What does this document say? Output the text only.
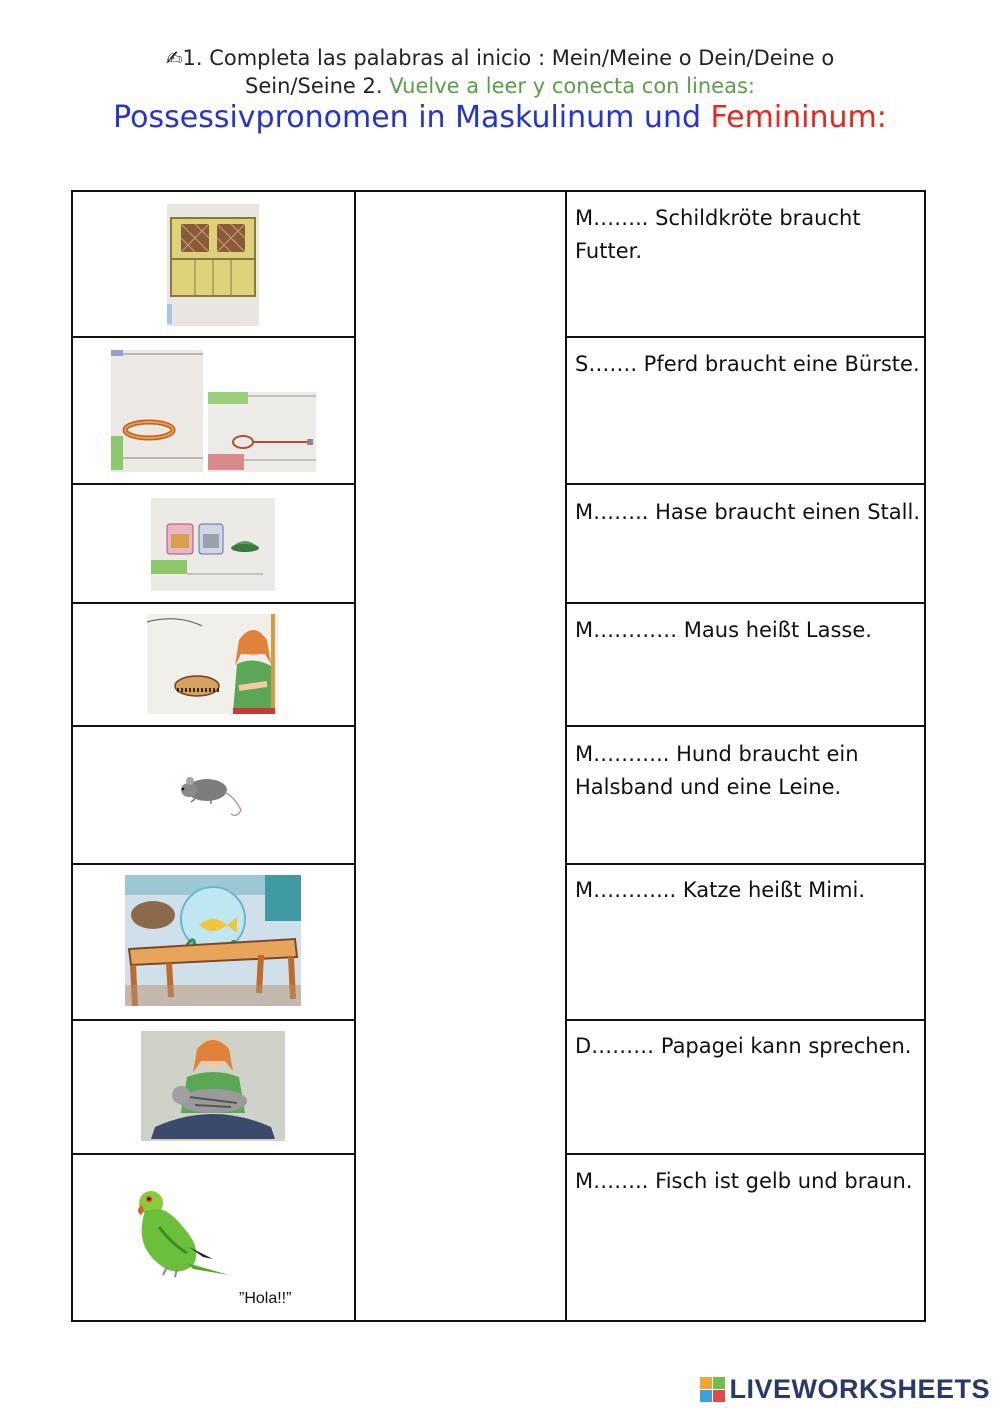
✍1. Completa las palabras al inicio : Mein/Meine o Dein/Deine o
Sein/Seine 2. Vuelve a leer y conecta con lineas:
Possessivpronomen in Maskulinum und Femininum:
M…….. Schildkröte braucht Futter.
S……. Pferd braucht eine Bürste.
M…….. Hase braucht einen Stall.
M………… Maus heißt Lasse.
M……….. Hund braucht ein Halsband und eine Leine.
M………... Katze heißt Mimi.
D……… Papagei kann sprechen.
M…….. Fisch ist gelb und braun.
”Hola!!”
LIVEWORKSHEETS
